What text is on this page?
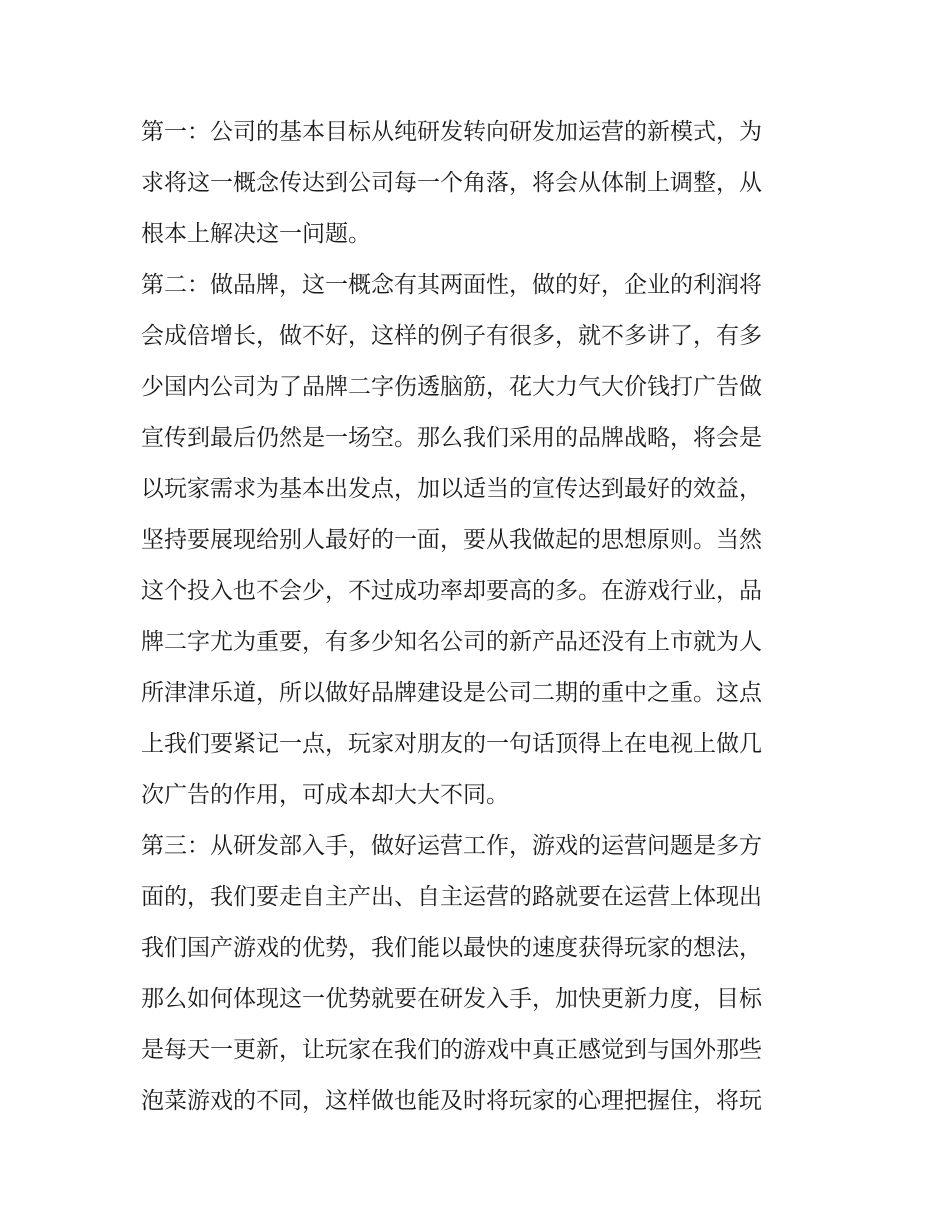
第一：公司的基本目标从纯研发转向研发加运营的新模式，为
求将这一概念传达到公司每一个角落，将会从体制上调整，从
根本上解决这一问题。
第二：做品牌，这一概念有其两面性，做的好，企业的利润将
会成倍增长，做不好，这样的例子有很多，就不多讲了，有多
少国内公司为了品牌二字伤透脑筋，花大力气大价钱打广告做
宣传到最后仍然是一场空。那么我们采用的品牌战略，将会是
以玩家需求为基本出发点，加以适当的宣传达到最好的效益，
坚持要展现给别人最好的一面，要从我做起的思想原则。当然
这个投入也不会少，不过成功率却要高的多。在游戏行业，品
牌二字尤为重要，有多少知名公司的新产品还没有上市就为人
所津津乐道，所以做好品牌建设是公司二期的重中之重。这点
上我们要紧记一点，玩家对朋友的一句话顶得上在电视上做几
次广告的作用，可成本却大大不同。
第三：从研发部入手，做好运营工作，游戏的运营问题是多方
面的，我们要走自主产出、自主运营的路就要在运营上体现出
我们国产游戏的优势，我们能以最快的速度获得玩家的想法，
那么如何体现这一优势就要在研发入手，加快更新力度，目标
是每天一更新，让玩家在我们的游戏中真正感觉到与国外那些
泡菜游戏的不同，这样做也能及时将玩家的心理把握住，将玩
